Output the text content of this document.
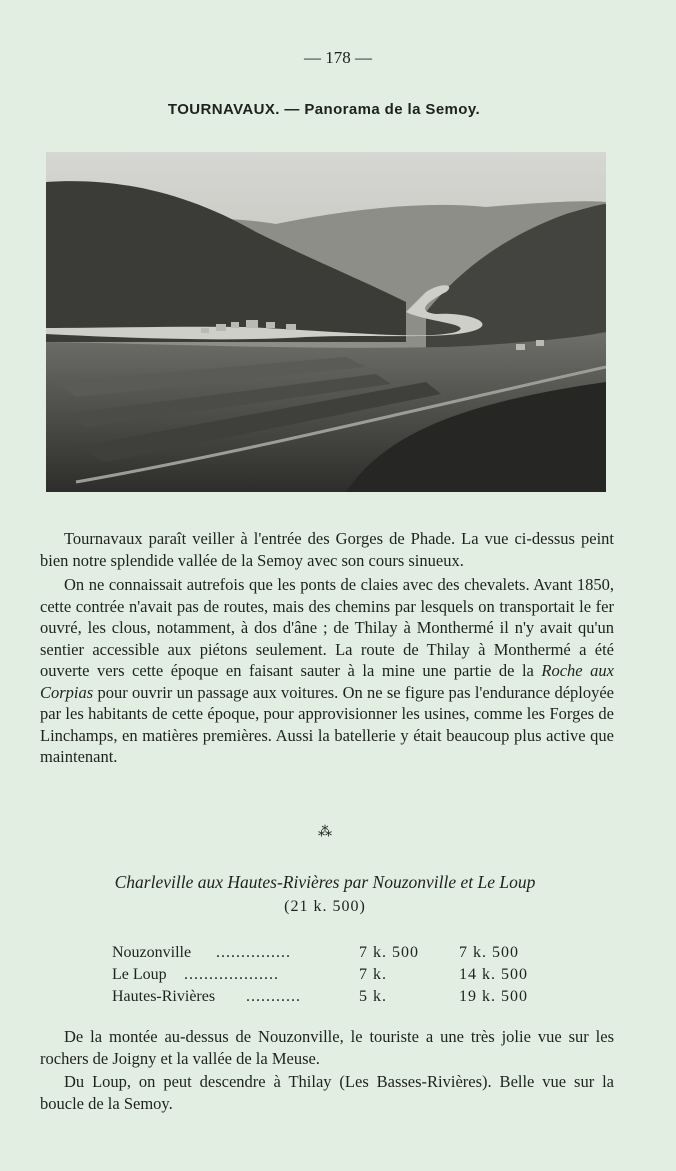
— 178 —
TOURNAVAUX. — Panorama de la Semoy.

Tournavaux paraît veiller à l'entrée des Gorges de Phade. La vue ci-dessus peint bien notre splendide vallée de la Semoy avec son cours sinueux.

On ne connaissait autrefois que les ponts de claies avec des chevalets. Avant 1850, cette contrée n'avait pas de routes, mais des chemins par lesquels on transportait le fer ouvré, les clous, notamment, à dos d'âne ; de Thilay à Monthermé il n'y avait qu'un sentier accessible aux piétons seulement. La route de Thilay à Monthermé a été ouverte vers cette époque en faisant sauter à la mine une partie de la Roche aux Corpias pour ouvrir un passage aux voitures. On ne se figure pas l'endurance déployée par les habitants de cette époque, pour approvisionner les usines, comme les Forges de Linchamps, en matières premières. Aussi la batellerie y était beaucoup plus active que maintenant.

⁂
Charleville aux Hautes-Rivières par Nouzonville et Le Loup
(21 k. 500)
Nouzonville ...............	7 k. 500	7 k. 500
Le Loup ...................	7 k.	14 k. 500
Hautes-Rivières ...........	5 k.	19 k. 500

De la montée au-dessus de Nouzonville, le touriste a une très jolie vue sur les rochers de Joigny et la vallée de la Meuse.

Du Loup, on peut descendre à Thilay (Les Basses-Rivières). Belle vue sur la boucle de la Semoy.
